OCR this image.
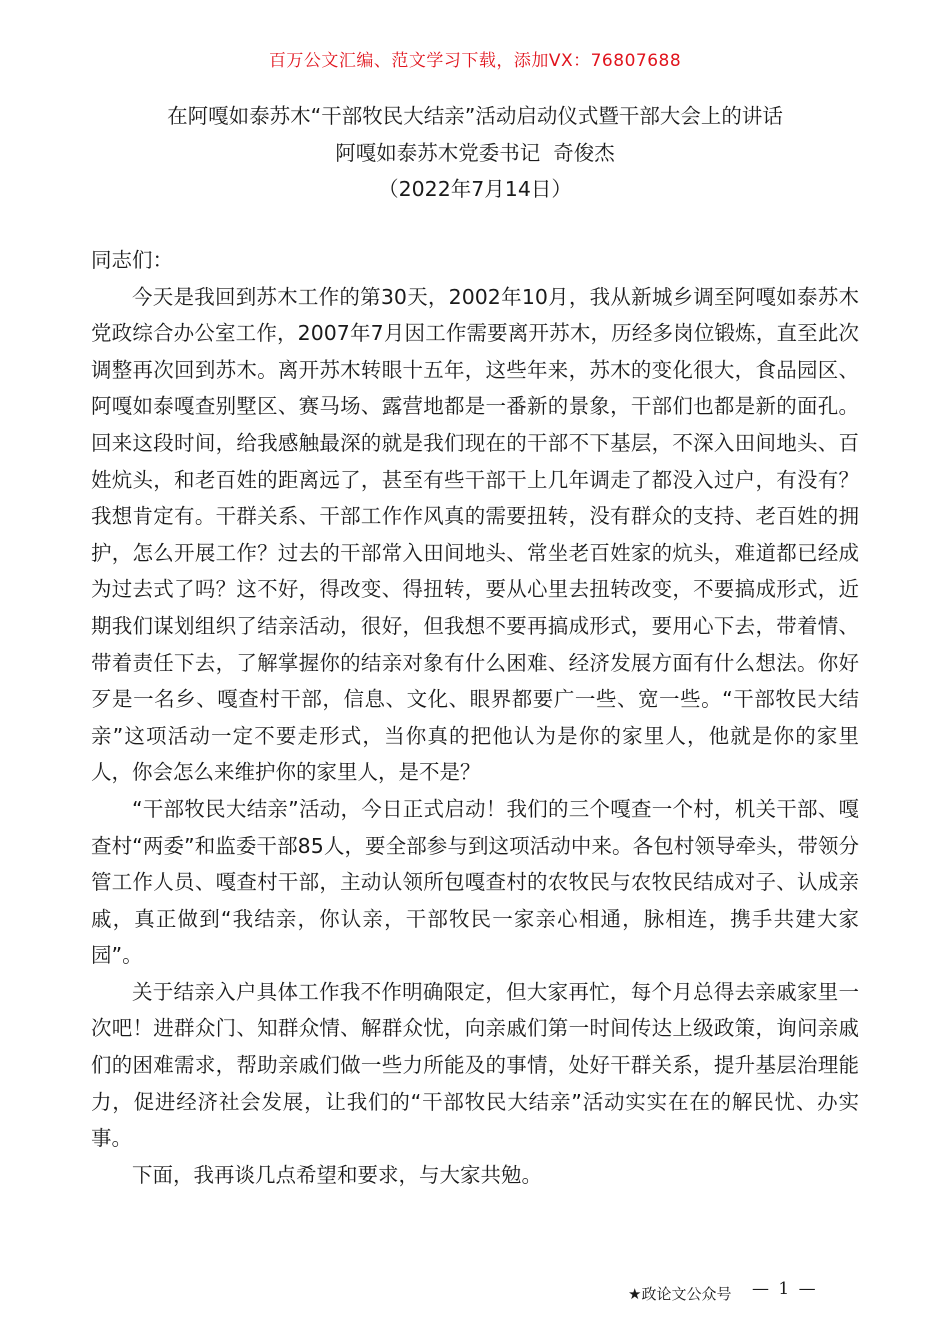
百万公文汇编、范文学习下载，添加VX：76807688
在阿嘎如泰苏木“干部牧民大结亲”活动启动仪式暨干部大会上的讲话
阿嘎如泰苏木党委书记  奇俊杰
（2022年7月14日）

同志们：

今天是我回到苏木工作的第30天，2002年10月，我从新城乡调至阿嘎如泰苏木党政综合办公室工作，2007年7月因工作需要离开苏木，历经多岗位锻炼，直至此次调整再次回到苏木。离开苏木转眼十五年，这些年来，苏木的变化很大，食品园区、阿嘎如泰嘎查别墅区、赛马场、露营地都是一番新的景象，干部们也都是新的面孔。回来这段时间，给我感触最深的就是我们现在的干部不下基层，不深入田间地头、百姓炕头，和老百姓的距离远了，甚至有些干部干上几年调走了都没入过户，有没有？我想肯定有。干群关系、干部工作作风真的需要扭转，没有群众的支持、老百姓的拥护，怎么开展工作？过去的干部常入田间地头、常坐老百姓家的炕头，难道都已经成为过去式了吗？这不好，得改变、得扭转，要从心里去扭转改变，不要搞成形式，近期我们谋划组织了结亲活动，很好，但我想不要再搞成形式，要用心下去，带着情、带着责任下去，了解掌握你的结亲对象有什么困难、经济发展方面有什么想法。你好歹是一名乡、嘎查村干部，信息、文化、眼界都要广一些、宽一些。“干部牧民大结亲”这项活动一定不要走形式，当你真的把他认为是你的家里人，他就是你的家里人，你会怎么来维护你的家里人，是不是？

“干部牧民大结亲”活动，今日正式启动！我们的三个嘎查一个村，机关干部、嘎查村“两委”和监委干部85人，要全部参与到这项活动中来。各包村领导牵头，带领分管工作人员、嘎查村干部，主动认领所包嘎查村的农牧民与农牧民结成对子、认成亲戚，真正做到“我结亲，你认亲，干部牧民一家亲心相通，脉相连，携手共建大家园”。

关于结亲入户具体工作我不作明确限定，但大家再忙，每个月总得去亲戚家里一次吧！进群众门、知群众情、解群众忧，向亲戚们第一时间传达上级政策，询问亲戚们的困难需求，帮助亲戚们做一些力所能及的事情，处好干群关系，提升基层治理能力，促进经济社会发展，让我们的“干部牧民大结亲”活动实实在在的解民忧、办实事。

下面，我再谈几点希望和要求，与大家共勉。

★政论文公众号 — 1 —
